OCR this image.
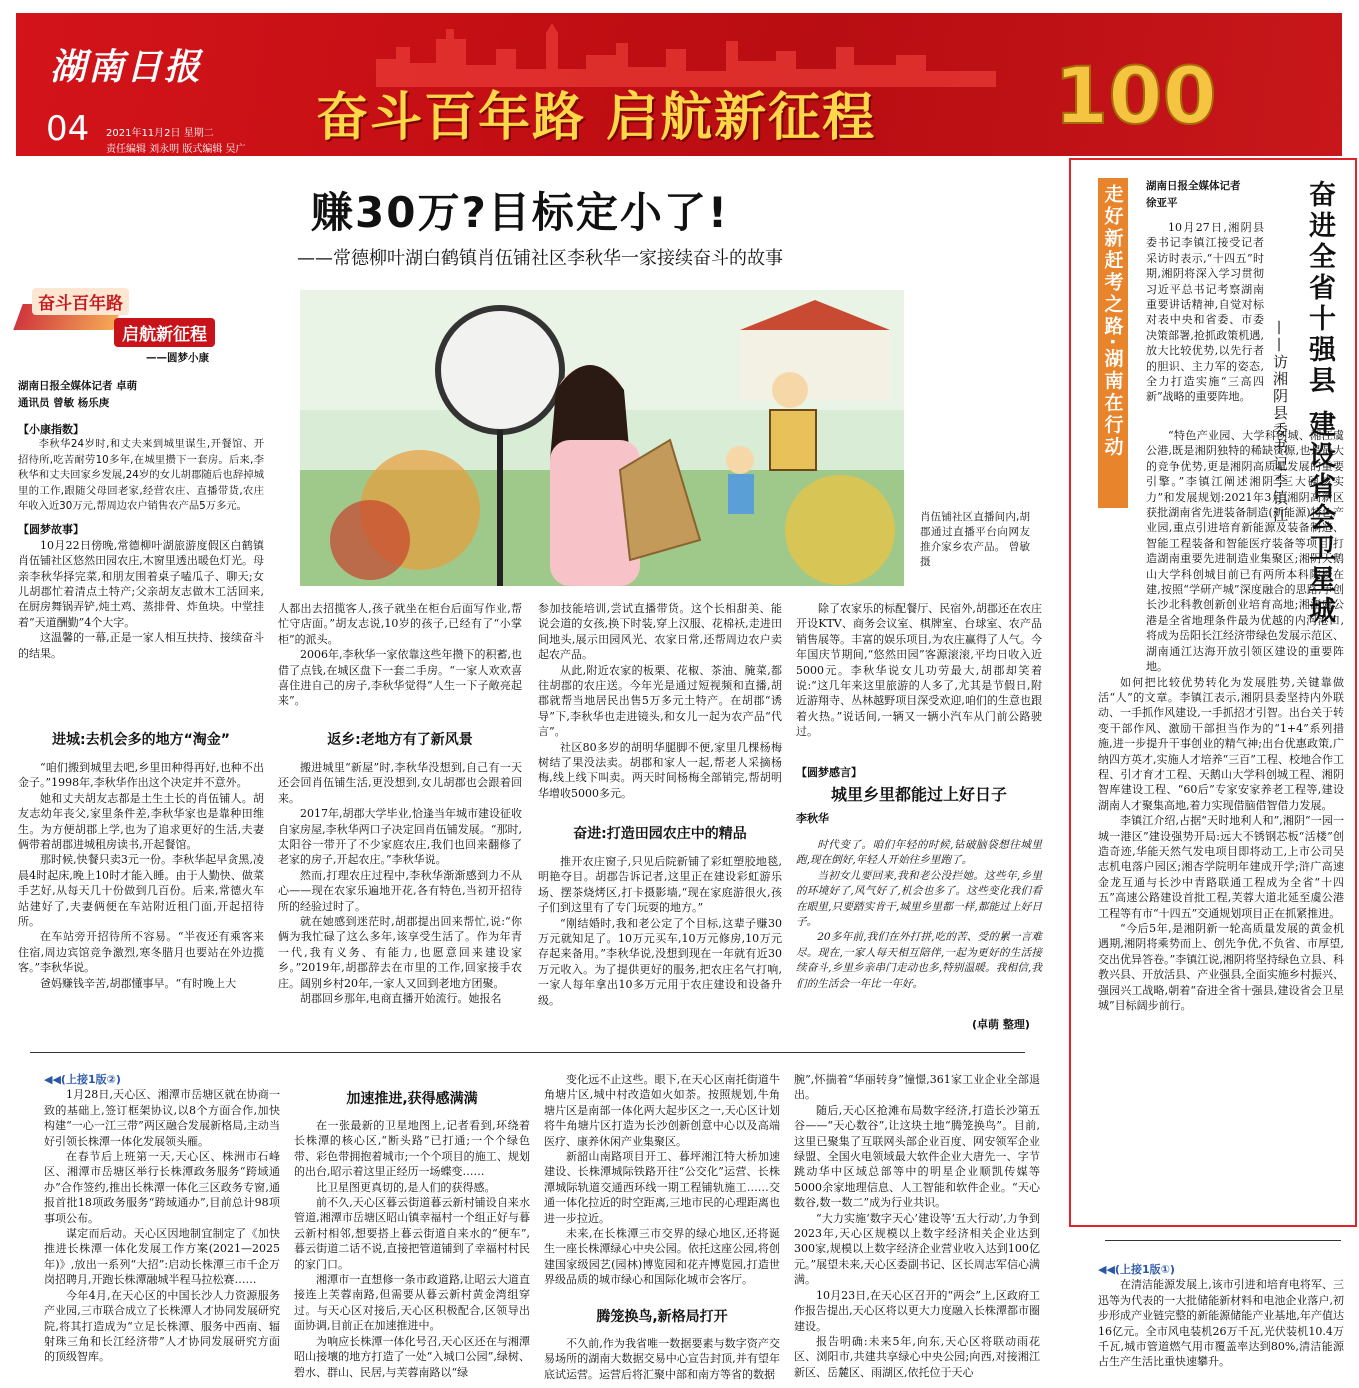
湖南日报
04 2021年11月2日 星期二
责任编辑 刘永明 版式编辑 吴广
奋斗百年路 启航新征程 100
赚30万?目标定小了!
——常德柳叶湖白鹤镇肖伍铺社区李秋华一家接续奋斗的故事
奋斗百年路
启航新征程
——圆梦小康
肖伍铺社区直播间内,胡郡通过直播平台向网友推介家乡农产品。 曾敏 摄
湖南日报全媒体记者 卓萌
通讯员 曾敏 杨乐庚
【小康指数】

李秋华24岁时,和丈夫来到城里谋生,开餐馆、开招待所,吃苦耐劳10多年,在城里攒下一套房。后来,李秋华和丈夫回家乡发展,24岁的女儿胡郡随后也辞掉城里的工作,跟随父母回老家,经营农庄、直播带货,农庄年收入近30万元,帮周边农户销售农产品5万多元。

【圆梦故事】

10月22日傍晚,常德柳叶湖旅游度假区白鹤镇肖伍铺社区悠然田园农庄,木窗里透出暖色灯光。母亲李秋华择完菜,和朋友围着桌子嗑瓜子、聊天;女儿胡郡忙着清点土特产;父亲胡友志做木工活回来,在厨房舞锅弄铲,炖土鸡、蒸排骨、炸鱼块。中堂挂着“天道酬勤”4个大字。

这温馨的一幕,正是一家人相互扶持、接续奋斗的结果。

进城:去机会多的地方“淘金”

“咱们搬到城里去吧,乡里田种得再好,也种不出金子。”1998年,李秋华作出这个决定并不意外。

她和丈夫胡友志都是土生土长的肖伍铺人。胡友志幼年丧父,家里条件差,李秋华家也是靠种田维生。为方便胡郡上学,也为了追求更好的生活,夫妻俩带着胡郡进城租房读书,开起餐馆。

那时候,快餐只卖3元一份。李秋华起早贪黑,凌晨4时起床,晚上10时才能入睡。由于人勤快、做菜手艺好,从每天几十份做到几百份。后来,常德火车站建好了,夫妻俩便在车站附近租门面,开起招待所。

在车站旁开招待所不容易。“半夜还有乘客来住宿,周边宾馆竞争激烈,寒冬腊月也要站在外边揽客。”李秋华说。

爸妈赚钱辛苦,胡郡懂事早。“有时晚上大

人都出去招揽客人,孩子就坐在柜台后面写作业,帮忙守店面。”胡友志说,10岁的孩子,已经有了“小掌柜”的派头。

2006年,李秋华一家依靠这些年攒下的积蓄,也借了点钱,在城区盘下一套二手房。“一家人欢欢喜喜住进自己的房子,李秋华觉得“人生一下子敞亮起来”。

返乡:老地方有了新风景

搬进城里“新屋”时,李秋华没想到,自己有一天还会回肖伍铺生活,更没想到,女儿胡郡也会跟着回来。

2017年,胡郡大学毕业,恰逢当年城市建设征收自家房屋,李秋华两口子决定回肖伍铺发展。“那时,太阳谷一带开了不少家庭农庄,我们也回来翻修了老家的房子,开起农庄。”李秋华说。

然而,打理农庄过程中,李秋华渐渐感到力不从心——现在农家乐遍地开花,各有特色,当初开招待所的经验过时了。

就在她感到迷茫时,胡郡提出回来帮忙,说:“你俩为我忙碌了这么多年,该享受生活了。作为年青一代,我有义务、有能力,也愿意回来建设家乡。”2019年,胡郡辞去在市里的工作,回家接手农庄。阔别乡村20年,一家人又回到老地方团聚。

胡郡回乡那年,电商直播开始流行。她报名

参加技能培训,尝试直播带货。这个长相甜美、能说会道的女孩,换下时装,穿上汉服、花棉袄,走进田间地头,展示田园风光、农家日常,还帮周边农户卖起农产品。

从此,附近农家的板栗、花椒、茶油、腌菜,都往胡郡的农庄送。今年光是通过短视频和直播,胡郡就帮当地居民出售5万多元土特产。在胡郡“诱导”下,李秋华也走进镜头,和女儿一起为农产品“代言”。

社区80多岁的胡明华腿脚不便,家里几棵杨梅树结了果没法卖。胡郡和家人一起,帮老人采摘杨梅,线上线下叫卖。两天时间杨梅全部销完,帮胡明华增收5000多元。

奋进:打造田园农庄中的精品

推开农庄窗子,只见后院新铺了彩虹塑胶地毯,明艳夺目。胡郡告诉记者,这里正在建设彩虹游乐场、摆茶烧烤区,打卡摄影墙,“现在家庭游很火,孩子们到这里有了专门玩耍的地方。”

“刚结婚时,我和老公定了个目标,这辈子赚30万元就知足了。10万元买车,10万元修房,10万元存起来备用。”李秋华说,没想到现在一年就有近30万元收入。为了提供更好的服务,把农庄名气打响,一家人每年拿出10多万元用于农庄建设和设备升级。

除了农家乐的标配餐厅、民宿外,胡郡还在农庄开设KTV、商务会议室、棋牌室、台球室、农产品销售展等。丰富的娱乐项目,为农庄赢得了人气。今年国庆节期间,“悠然田园”客源滚滚,平均日收入近5000元。李秋华说女儿功劳最大,胡郡却笑着说:“这几年来这里旅游的人多了,尤其是节假日,附近游翔寺、丛林越野项目深受欢迎,咱们的生意也跟着火热。”说话间,一辆又一辆小汽车从门前公路驶过。

【圆梦感言】
城里乡里都能过上好日子
李秋华

时代变了。咱们年轻的时候,钻破脑袋想往城里跑,现在倒好,年轻人开始往乡里跑了。

当初女儿要回来,我和老公没拦她。这些年,乡里的环境好了,风气好了,机会也多了。这些变化我们看在眼里,只要踏实肯干,城里乡里都一样,都能过上好日子。

20多年前,我们在外打拼,吃的苦、受的累一言难尽。现在,一家人每天相互陪伴,一起为更好的生活接续奋斗,乡里乡亲串门走动也多,特别温暖。我相信,我们的生活会一年比一年好。

(卓萌 整理)
走好新赶考之路·湖南在行动	奋进全省十强县 建设省会卫星城
——访湘阴县委书记李镇江
湖南日报全媒体记者
徐亚平

10月27日,湘阴县委书记李镇江接受记者采访时表示,“十四五”时期,湘阴将深入学习贯彻习近平总书记考察湖南重要讲话精神,自觉对标对表中央和省委、市委决策部署,抢抓政策机遇,放大比较优势,以先行者的胆识、主力军的姿态,全力打造实施“三高四新”战略的重要阵地。

“特色产业园、大学科创城、湘江虞公港,既是湘阴独特的稀缺资源,也是最大的竞争优势,更是湘阴高质量发展的重要引擎。”李镇江阐述湘阴“三大硬核实力”和发展规划:2021年3月,湘阴高新区获批湖南省先进装备制造(新能源)特色产业园,重点引进培育新能源及装备制造、智能工程装备和智能医疗装备等项目,打造湖南重要先进制造业集聚区;湘阴天鹅山大学科创城目前已有两所本科院校在建,按照“学研产城”深度融合的思路,争创长沙北科教创新创业培育高地;湘江虞公港是全省地理条件最为优越的内河港口,将成为岳阳长江经济带绿色发展示范区、湖南通江达海开放引领区建设的重要阵地。

如何把比较优势转化为发展胜势,关键靠做活“人”的文章。李镇江表示,湘阴县委坚持内外联动、一手抓作风建设,一手抓招才引智。出台关于转变干部作风、激励干部担当作为的“1+4”系列措施,进一步提升干事创业的精气神;出台优惠政策,广纳四方英才,实施人才培养“三百”工程、校地合作工程、引才育才工程、天鹅山大学科创城工程、湘阴智库建设工程、“60后”专家安家养老工程等,建设湖南人才聚集高地,着力实现借脑借智借力发展。

李镇江介绍,占据“天时地利人和”,湘阴“一园一城一港区”建设强势开局:远大不锈钢芯板“活楼”创造奇迹,华能天然气发电项目即将动工,上市公司吴志机电落户园区;湘杏学院明年建成开学;浒广高速金龙互通与长沙中青路联通工程成为全省“十四五”高速公路建设首批工程,芙蓉大道北延至虞公港工程等有市“十四五”交通规划项目正在抓紧推进。

“今后5年,是湘阴新一轮高质量发展的黄金机遇期,湘阴将乘势而上、创先争优,不负省、市厚望,交出优异答卷。”李镇江说,湘阴将坚持绿色立县、科教兴县、开放活县、产业强县,全面实施乡村振兴、强园兴工战略,朝着“奋进全省十强县,建设省会卫星城”目标阔步前行。

◀◀(上接1版②)

1月28日,天心区、湘潭市岳塘区就在协商一致的基础上,签订框架协议,以8个方面合作,加快构建“一心一江三带”两区融合发展新格局,主动当好引领长株潭一体化发展领头雁。

在春节后上班第一天,天心区、株洲市石峰区、湘潭市岳塘区举行长株潭政务服务“跨域通办”合作签约,推出长株潭一体化三区政务专窗,通报首批18项政务服务“跨域通办”,目前总计98项事项公布。

谋定而后动。天心区因地制宜制定了《加快推进长株潭一体化发展工作方案(2021—2025年)》,放出一系列“大招”:启动长株潭三市千企万岗招聘月,开跑长株潭融城半程马拉松赛……

今年4月,在天心区的中国长沙人力资源服务产业园,三市联合成立了长株潭人才协同发展研究院,将其打造成为“立足长株潭、服务中西南、辐射珠三角和长江经济带”人才协同发展研究方面的顶级智库。

加速推进,获得感满满

在一张最新的卫星地图上,记者看到,环绕着长株潭的核心区,“断头路”已打通;一个个绿色带、彩色带拥抱着城市;一个个项目的施工、规划的出台,昭示着这里正经历一场蝶变……

比卫星图更真切的,是人们的获得感。

前不久,天心区暮云街道暮云新村铺设自来水管道,湘潭市岳塘区昭山镇幸福村一个组正好与暮云新村相邻,想要搭上暮云街道自来水的“便车”,暮云街道二话不说,直接把管道铺到了幸福村村民的家门口。

湘潭市一直想修一条市政道路,让昭云大道直接连上芙蓉南路,但需要从暮云新村黄金湾组穿过。与天心区对接后,天心区积极配合,区领导出面协调,目前正在加速推进中。

为响应长株潭一体化号召,天心区还在与湘潭昭山接壤的地方打造了一处“入城口公园”,绿树、碧水、群山、民居,与芙蓉南路以“绿

变化远不止这些。眼下,在天心区南托街道牛角塘片区,城中村改造如火如荼。按照规划,牛角塘片区是南部一体化两大起步区之一,天心区计划将牛角塘片区打造为长沙创新创意中心以及高端医疗、康养休闲产业集聚区。

新韶山南路项目开工、暮坪湘江特大桥加速建设、长株潭城际铁路开往“公交化”运营、长株潭城际轨道交通西环线一期工程铺轨施工……交通一体化拉近的时空距离,三地市民的心理距离也进一步拉近。

未来,在长株潭三市交界的绿心地区,还将诞生一座长株潭绿心中央公园。依托这座公园,将创建国家级园艺(园林)博览园和花卉博览园,打造世界级品质的城市绿心和国际化城市会客厅。

腾笼换鸟,新格局打开

不久前,作为我省唯一数据要素与数字资产交易场所的湖南大数据交易中心宣告封顶,并有望年底试运营。运营后将汇聚中部和南方等省的数据

腕”,怀揣着“华丽转身”憧憬,361家工业企业全部退出。

随后,天心区抢滩布局数字经济,打造长沙第五谷——“天心数谷”,让这块土地“腾笼换鸟”。目前,这里已聚集了互联网头部企业百度、网安领军企业绿盟、全国火电领域最大软件企业大唐先一、字节跳动华中区域总部等中的明星企业顺凯传媒等5000余家地理信息、人工智能和软件企业。“天心数谷,数一数二”成为行业共识。

“大力实施‘数字天心’建设等‘五大行动’,力争到2023年,天心区规模以上数字经济相关企业达到300家,规模以上数字经济企业营业收入达到100亿元。”展望未来,天心区委副书记、区长周志军信心满满。

10月23日,在天心区召开的“两会”上,区政府工作报告提出,天心区将以更大力度融入长株潭都市圈建设。

报告明确:未来5年,向东,天心区将联动雨花区、浏阳市,共建共享绿心中央公园;向西,对接湘江新区、岳麓区、雨湖区,依托位于天心

◀◀(上接1版①)

在清洁能源发展上,该市引进和培育电将军、三迅等为代表的一大批储能新材料和电池企业落户,初步形成产业链完整的新能源储能产业基地,年产值达16亿元。全市风电装机26万千瓦,光伏装机10.4万千瓦,城市管道燃气用市覆盖率达到80%,清洁能源占生产生活比重快速攀升。
